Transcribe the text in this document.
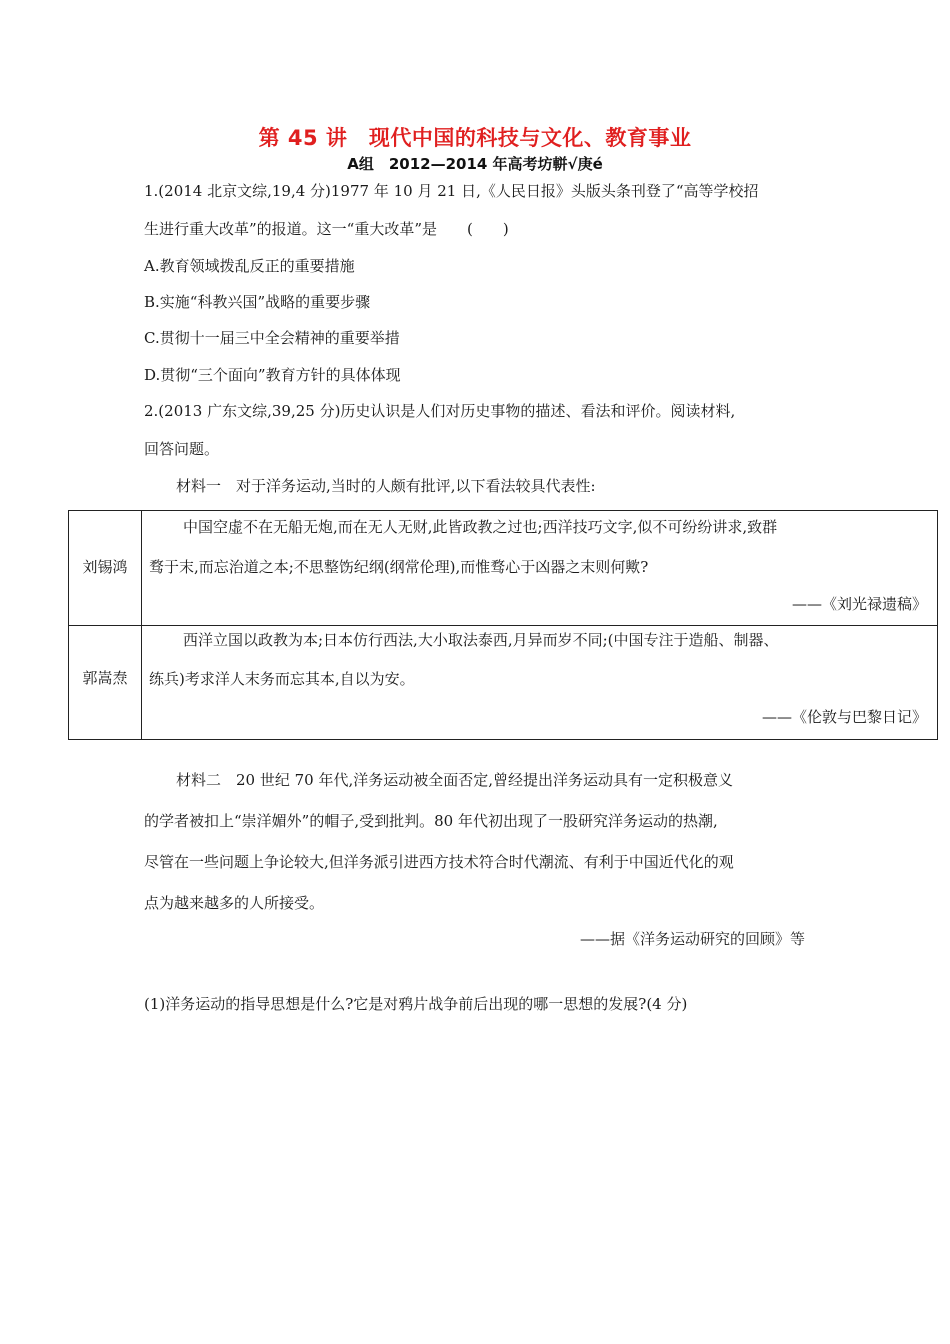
第 45 讲　现代中国的科技与文化、教育事业
A组　2012—2014 年高考坊軿√庚é
1.(2014 北京文综,19,4 分)1977 年 10 月 21 日,《人民日报》头版头条刊登了“高等学校招
生进行重大改革”的报道。这一“重大改革”是　　(　　)
A.教育领域拨乱反正的重要措施
B.实施“科教兴国”战略的重要步骤
C.贯彻十一届三中全会精神的重要举措
D.贯彻“三个面向”教育方针的具体体现
2.(2013 广东文综,39,25 分)历史认识是人们对历史事物的描述、看法和评价。阅读材料,
回答问题。
材料一　对于洋务运动,当时的人颇有批评,以下看法较具代表性:
刘锡鸿
中国空虚不在无船无炮,而在无人无财,此皆政教之过也;西洋技巧文字,似不可纷纷讲求,致群
骛于末,而忘治道之本;不思整饬纪纲(纲常伦理),而惟骛心于凶器之末则何歟?
——《刘光禄遗稿》
郭嵩焘
西洋立国以政教为本;日本仿行西法,大小取法泰西,月异而岁不同;(中国专注于造船、制器、
练兵)考求洋人末务而忘其本,自以为安。
——《伦敦与巴黎日记》
材料二　20 世纪 70 年代,洋务运动被全面否定,曾经提出洋务运动具有一定积极意义
的学者被扣上“崇洋媚外”的帽子,受到批判。80 年代初出现了一股研究洋务运动的热潮,
尽管在一些问题上争论较大,但洋务派引进西方技术符合时代潮流、有利于中国近代化的观
点为越来越多的人所接受。
——据《洋务运动研究的回顾》等
(1)洋务运动的指导思想是什么?它是对鸦片战争前后出现的哪一思想的发展?(4 分)
